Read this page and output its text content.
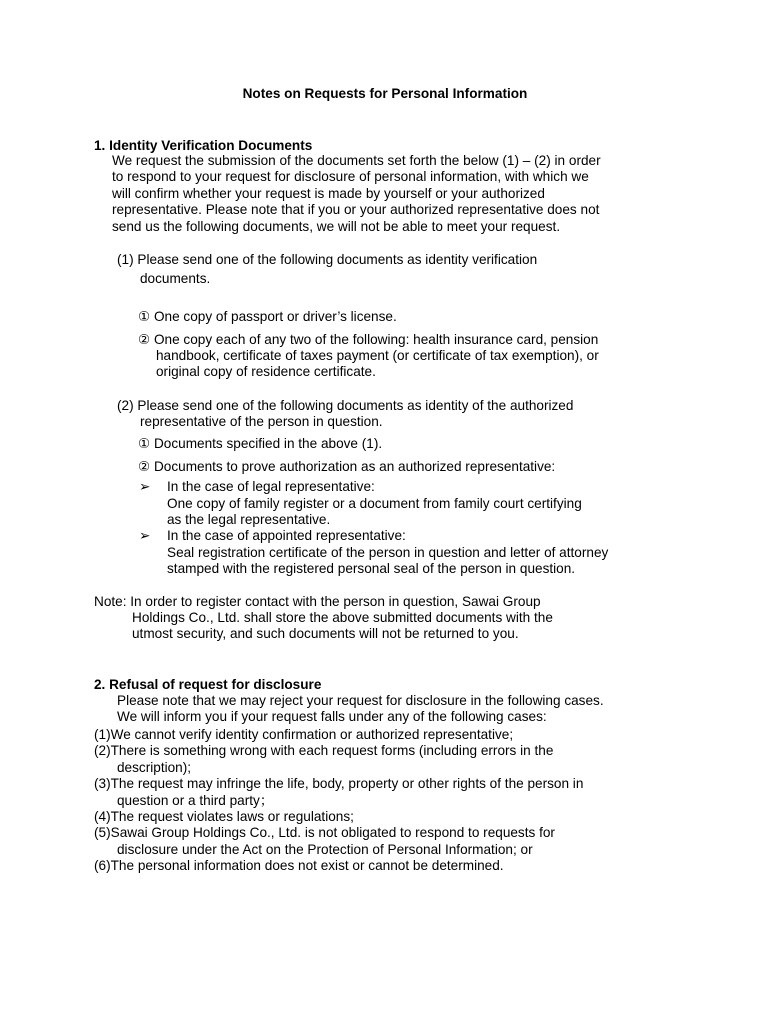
Notes on Requests for Personal Information
1. Identity Verification Documents
We request the submission of the documents set forth the below (1) – (2) in order
to respond to your request for disclosure of personal information, with which we
will confirm whether your request is made by yourself or your authorized
representative. Please note that if you or your authorized representative does not
send us the following documents, we will not be able to meet your request.
(1) Please send one of the following documents as identity verification
documents.
① One copy of passport or driver’s license.
② One copy each of any two of the following: health insurance card, pension
handbook, certificate of taxes payment (or certificate of tax exemption), or
original copy of residence certificate.
(2) Please send one of the following documents as identity of the authorized
representative of the person in question.
① Documents specified in the above (1).
② Documents to prove authorization as an authorized representative:
➢ In the case of legal representative:
One copy of family register or a document from family court certifying
as the legal representative.
➢ In the case of appointed representative:
Seal registration certificate of the person in question and letter of attorney
stamped with the registered personal seal of the person in question.
Note: In order to register contact with the person in question, Sawai Group
Holdings Co., Ltd. shall store the above submitted documents with the
utmost security, and such documents will not be returned to you.
2. Refusal of request for disclosure
Please note that we may reject your request for disclosure in the following cases.
We will inform you if your request falls under any of the following cases:
(1)We cannot verify identity confirmation or authorized representative;
(2)There is something wrong with each request forms (including errors in the
description);
(3)The request may infringe the life, body, property or other rights of the person in
question or a third party；
(4)The request violates laws or regulations;
(5)Sawai Group Holdings Co., Ltd. is not obligated to respond to requests for
disclosure under the Act on the Protection of Personal Information; or
(6)The personal information does not exist or cannot be determined.
